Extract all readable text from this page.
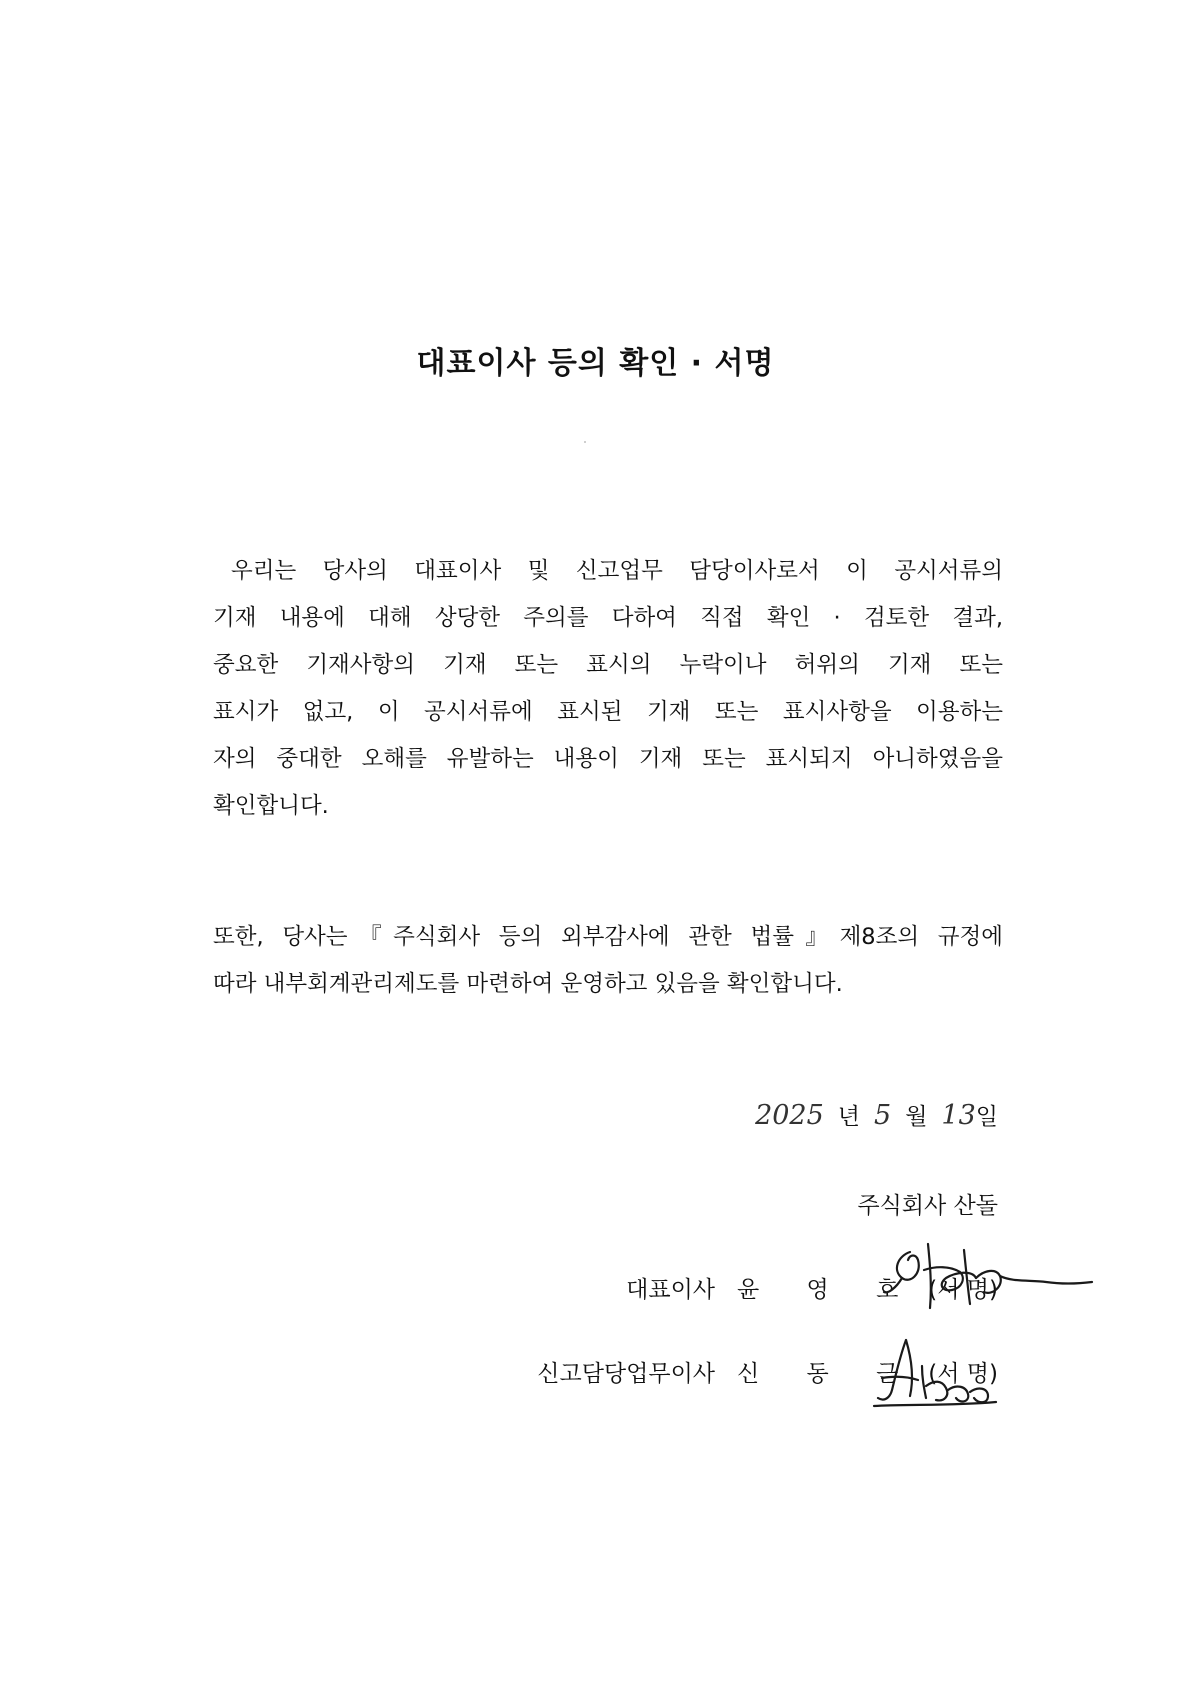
대표이사 등의 확인 · 서명
우리는 당사의 대표이사 및 신고업무 담당이사로서 이 공시서류의
기재 내용에 대해 상당한 주의를 다하여 직접 확인 · 검토한 결과,
중요한 기재사항의 기재 또는 표시의 누락이나 허위의 기재 또는
표시가 없고, 이 공시서류에 표시된 기재 또는 표시사항을 이용하는
자의 중대한 오해를 유발하는 내용이 기재 또는 표시되지 아니하였음을
확인합니다.
또한, 당사는『주식회사 등의 외부감사에 관한 법률』제8조의 규정에
따라 내부회계관리제도를 마련하여 운영하고 있음을 확인합니다.
2025 년 5 월 13일
주식회사 산돌
대표이사 윤 영 호 (서 명)
신고담당업무이사 신 동 근 (서 명)
